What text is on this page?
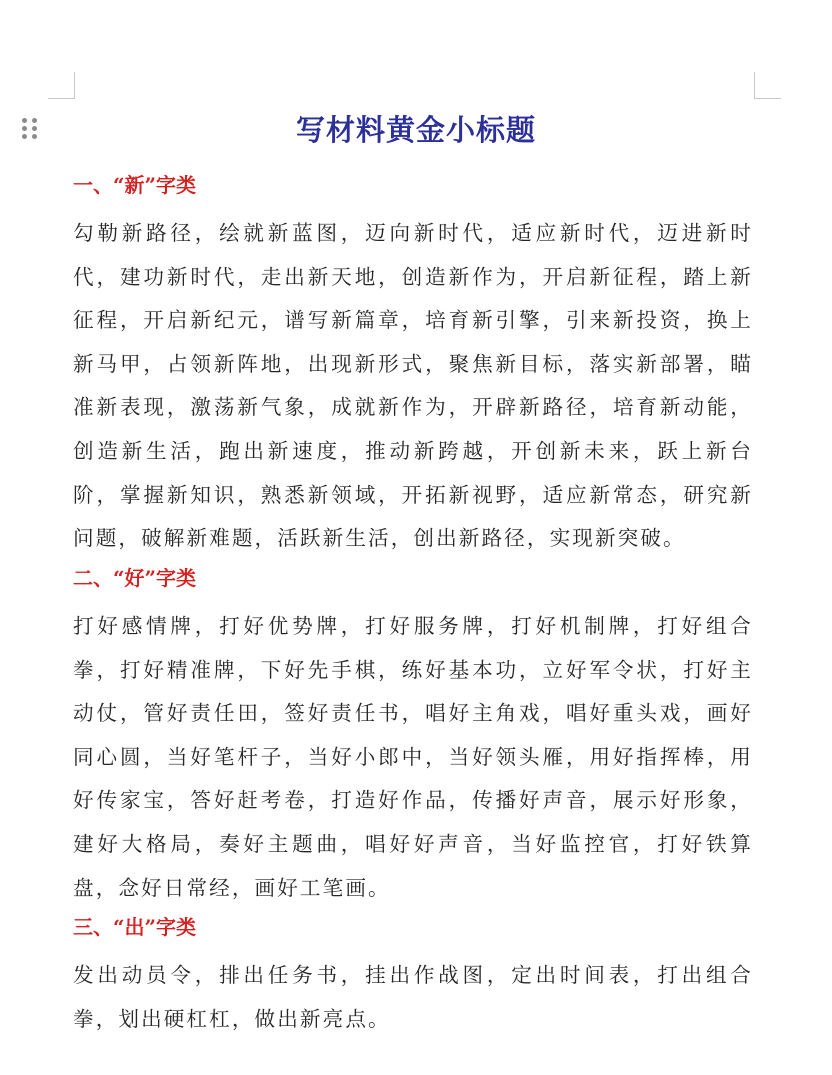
写材料黄金小标题
一、“新”字类
勾勒新路径，绘就新蓝图，迈向新时代，适应新时代，迈进新时代，建功新时代，走出新天地，创造新作为，开启新征程，踏上新征程，开启新纪元，谱写新篇章，培育新引擎，引来新投资，换上新马甲，占领新阵地，出现新形式，聚焦新目标，落实新部署，瞄准新表现，激荡新气象，成就新作为，开辟新路径，培育新动能，创造新生活，跑出新速度，推动新跨越，开创新未来，跃上新台阶，掌握新知识，熟悉新领域，开拓新视野，适应新常态，研究新问题，破解新难题，活跃新生活，创出新路径，实现新突破。
二、“好”字类
打好感情牌，打好优势牌，打好服务牌，打好机制牌，打好组合拳，打好精准牌，下好先手棋，练好基本功，立好军令状，打好主动仗，管好责任田，签好责任书，唱好主角戏，唱好重头戏，画好同心圆，当好笔杆子，当好小郎中，当好领头雁，用好指挥棒，用好传家宝，答好赶考卷，打造好作品，传播好声音，展示好形象，建好大格局，奏好主题曲，唱好好声音，当好监控官，打好铁算盘，念好日常经，画好工笔画。
三、“出”字类
发出动员令，排出任务书，挂出作战图，定出时间表，打出组合拳，划出硬杠杠，做出新亮点。
